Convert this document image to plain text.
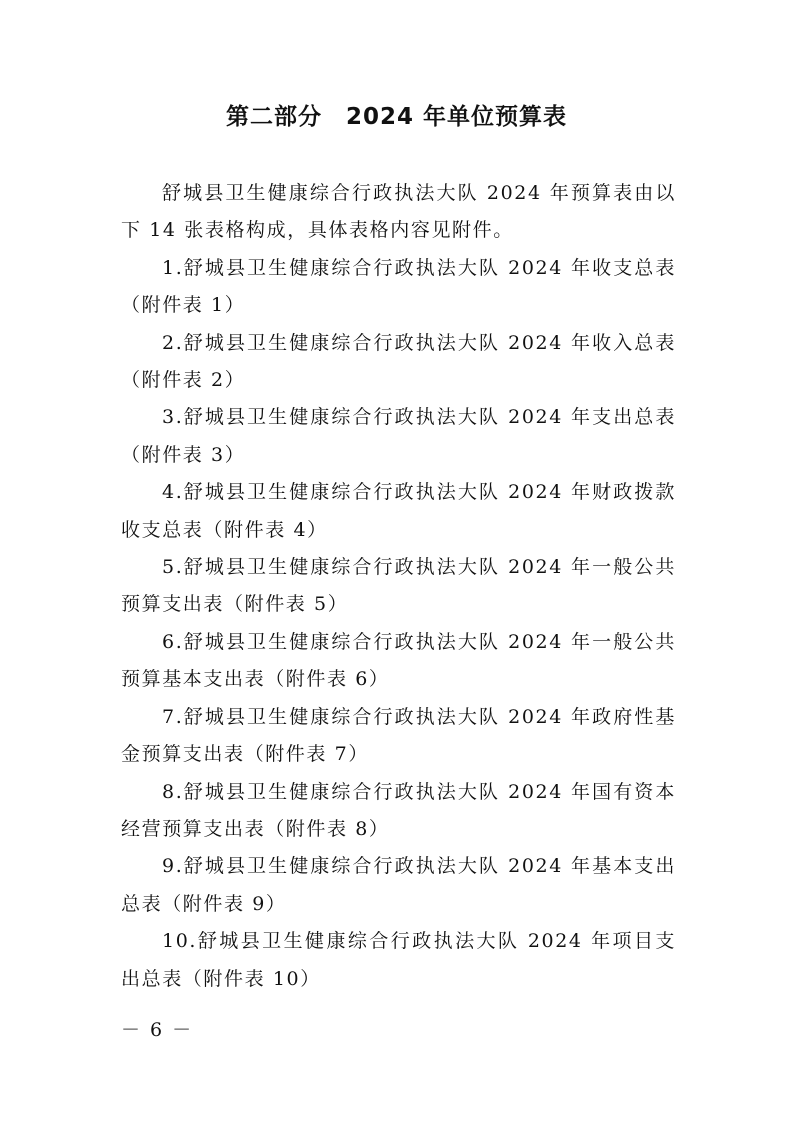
第二部分　2024 年单位预算表

舒城县卫生健康综合行政执法大队 2024 年预算表由以下 14 张表格构成，具体表格内容见附件。

1.舒城县卫生健康综合行政执法大队 2024 年收支总表（附件表 1）

2.舒城县卫生健康综合行政执法大队 2024 年收入总表（附件表 2）

3.舒城县卫生健康综合行政执法大队 2024 年支出总表（附件表 3）

4.舒城县卫生健康综合行政执法大队 2024 年财政拨款收支总表（附件表 4）

5.舒城县卫生健康综合行政执法大队 2024 年一般公共预算支出表（附件表 5）

6.舒城县卫生健康综合行政执法大队 2024 年一般公共预算基本支出表（附件表 6）

7.舒城县卫生健康综合行政执法大队 2024 年政府性基金预算支出表（附件表 7）

8.舒城县卫生健康综合行政执法大队 2024 年国有资本经营预算支出表（附件表 8）

9.舒城县卫生健康综合行政执法大队 2024 年基本支出总表（附件表 9）

10.舒城县卫生健康综合行政执法大队 2024 年项目支出总表（附件表 10）

－ 6 －
